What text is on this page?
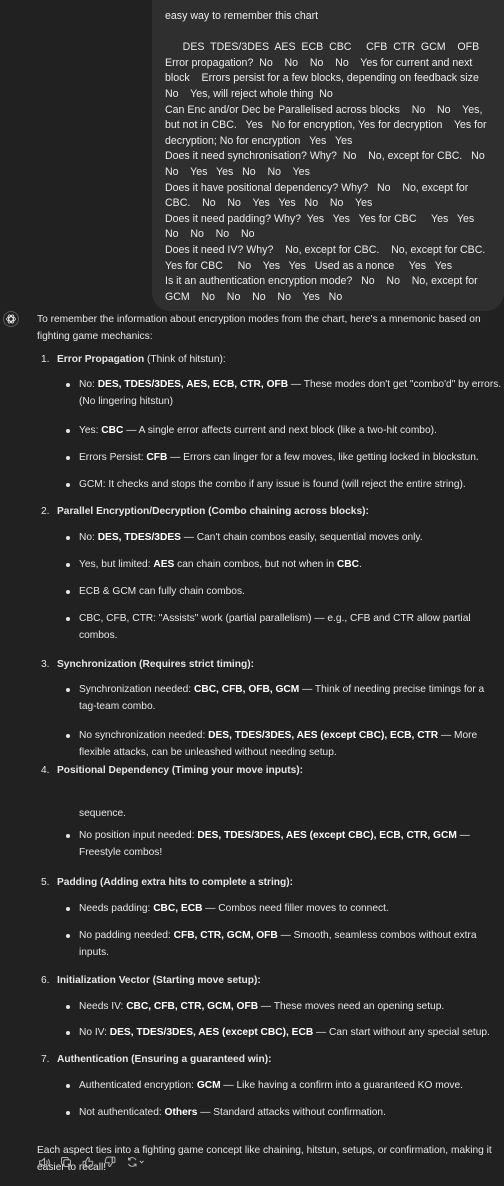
easy way to remember this chart

DES  TDES/3DES  AES  ECB  CBC     CFB  CTR  GCM    OFB
Error propagation?  No    No    No    No    Yes for current and next block    Errors persist for a few blocks, depending on feedback size  No    Yes, will reject whole thing  No
Can Enc and/or Dec be Parallelised across blocks    No    No    Yes, but not in CBC.   Yes   No for encryption, Yes for decryption    Yes for decryption; No for encryption   Yes   Yes
Does it need synchronisation? Why?  No    No, except for CBC.   No    No    Yes   Yes   No    No    Yes
Does it have positional dependency? Why?   No    No, except for CBC.    No    No    Yes   Yes   No    No    Yes
Does it need padding? Why?  Yes   Yes   Yes for CBC     Yes   Yes   No    No    No    No
Does it need IV? Why?    No, except for CBC.    No, except for CBC.    Yes for CBC     No    Yes   Yes   Used as a nonce     Yes   Yes
Is it an authentication encryption mode?   No    No    No, except for GCM    No    No    No    No    Yes   No
To remember the information about encryption modes from the chart, here's a mnemonic based on fighting game mechanics:
1. Error Propagation (Think of hitstun):
No: DES, TDES/3DES, AES, ECB, CTR, OFB — These modes don't get "combo'd" by errors. (No lingering hitstun)
Yes: CBC — A single error affects current and next block (like a two-hit combo).
Errors Persist: CFB — Errors can linger for a few moves, like getting locked in blockstun.
GCM: It checks and stops the combo if any issue is found (will reject the entire string).
2. Parallel Encryption/Decryption (Combo chaining across blocks):
No: DES, TDES/3DES — Can't chain combos easily, sequential moves only.
Yes, but limited: AES can chain combos, but not when in CBC.
ECB & GCM can fully chain combos.
CBC, CFB, CTR: "Assists" work (partial parallelism) — e.g., CFB and CTR allow partial combos.
3. Synchronization (Requires strict timing):
Synchronization needed: CBC, CFB, OFB, GCM — Think of needing precise timings for a tag-team combo.
No synchronization needed: DES, TDES/3DES, AES (except CBC), ECB, CTR — More flexible attacks, can be unleashed without needing setup.
4. Positional Dependency (Timing your move inputs):
sequence.
No position input needed: DES, TDES/3DES, AES (except CBC), ECB, CTR, GCM — Freestyle combos!
5. Padding (Adding extra hits to complete a string):
Needs padding: CBC, ECB — Combos need filler moves to connect.
No padding needed: CFB, CTR, GCM, OFB — Smooth, seamless combos without extra inputs.
6. Initialization Vector (Starting move setup):
Needs IV: CBC, CFB, CTR, GCM, OFB — These moves need an opening setup.
No IV: DES, TDES/3DES, AES (except CBC), ECB — Can start without any special setup.
7. Authentication (Ensuring a guaranteed win):
Authenticated encryption: GCM — Like having a confirm into a guaranteed KO move.
Not authenticated: Others — Standard attacks without confirmation.
Each aspect ties into a fighting game concept like chaining, hitstun, setups, or confirmation, making it easier to recall!
